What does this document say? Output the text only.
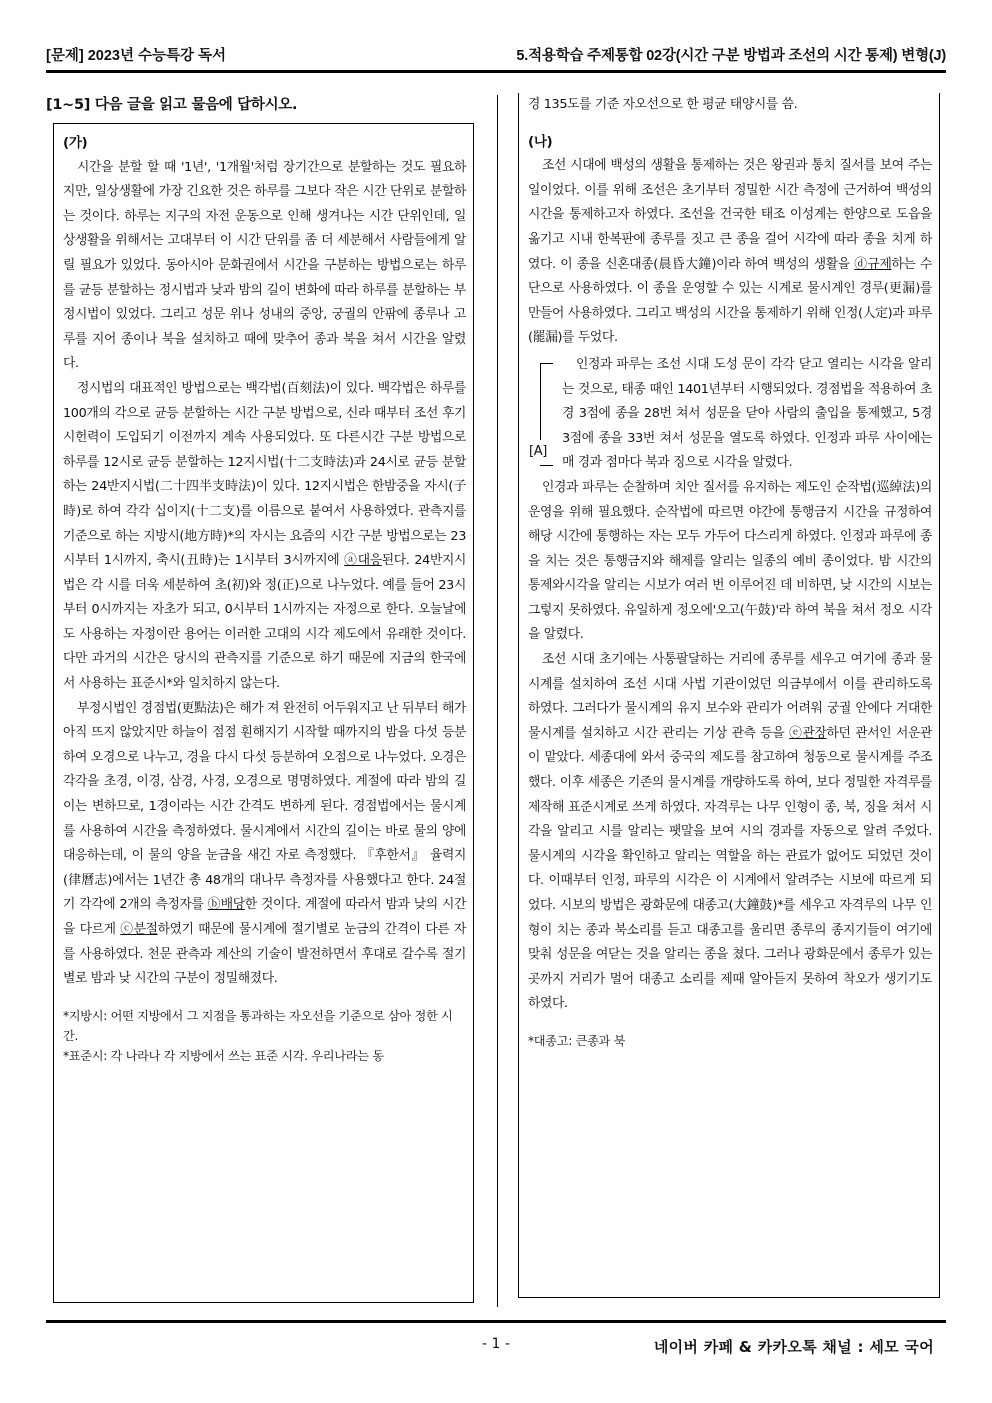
[문제] 2023년 수능특강 독서	5.적용학습 주제통합 02강(시간 구분 방법과 조선의 시간 통제) 변형(J)
[1~5] 다음 글을 읽고 물음에 답하시오.

(가)

시간을 분할 할 때 '1년', '1개월'처럼 장기간으로 분할하는 것도 필요하지만, 일상생활에 가장 긴요한 것은 하루를 그보다 작은 시간 단위로 분할하는 것이다. 하루는 지구의 자전 운동으로 인해 생겨나는 시간 단위인데, 일상생활을 위해서는 고대부터 이 시간 단위를 좀 더 세분해서 사람들에게 알릴 필요가 있었다. 동아시아 문화권에서 시간을 구분하는 방법으로는 하루를 균등 분할하는 정시법과 낮과 밤의 길이 변화에 따라 하루를 분할하는 부정시법이 있었다. 그리고 성문 위나 성내의 중앙, 궁궐의 안팎에 종루나 고루를 지어 종이나 북을 설치하고 때에 맞추어 종과 북을 쳐서 시간을 알렸다.

정시법의 대표적인 방법으로는 백각법(百刻法)이 있다. 백각법은 하루를 100개의 각으로 균등 분할하는 시간 구분 방법으로, 신라 때부터 조선 후기 시헌력이 도입되기 이전까지 계속 사용되었다. 또 다른시간 구분 방법으로 하루를 12시로 균등 분할하는 12지시법(十二支時法)과 24시로 균등 분할하는 24반지시법(二十四半支時法)이 있다. 12지시법은 한밤중을 자시(子時)로 하여 각각 십이지(十二支)를 이름으로 붙여서 사용하였다. 관측지를 기준으로 하는 지방시(地方時)*의 자시는 요즘의 시간 구분 방법으로는 23시부터 1시까지, 축시(丑時)는 1시부터 3시까지에 ⓐ대응된다. 24반지시법은 각 시를 더욱 세분하여 초(初)와 정(正)으로 나누었다. 예를 들어 23시부터 0시까지는 자초가 되고, 0시부터 1시까지는 자정으로 한다. 오늘날에도 사용하는 자정이란 용어는 이러한 고대의 시각 제도에서 유래한 것이다. 다만 과거의 시간은 당시의 관측지를 기준으로 하기 때문에 지금의 한국에서 사용하는 표준시*와 일치하지 않는다.

부정시법인 경점법(更點法)은 해가 져 완전히 어두워지고 난 뒤부터 해가 아직 뜨지 않았지만 하늘이 점점 훤해지기 시작할 때까지의 밤을 다섯 등분하여 오경으로 나누고, 경을 다시 다섯 등분하여 오점으로 나누었다. 오경은 각각을 초경, 이경, 삼경, 사경, 오경으로 명명하였다. 계절에 따라 밤의 길이는 변하므로, 1경이라는 시간 간격도 변하게 된다. 경점법에서는 물시계를 사용하여 시간을 측정하였다. 물시계에서 시간의 길이는 바로 물의 양에 대응하는데, 이 물의 양을 눈금을 새긴 자로 측정했다. 『후한서』 율력지(律曆志)에서는 1년간 총 48개의 대나무 측정자를 사용했다고 한다. 24절기 각각에 2개의 측정자를 ⓑ배당한 것이다. 계절에 따라서 밤과 낮의 시간을 다르게 ⓒ분절하였기 때문에 물시계에 절기별로 눈금의 간격이 다른 자를 사용하였다. 천문 관측과 계산의 기술이 발전하면서 후대로 갈수록 절기별로 밤과 낮 시간의 구분이 정밀해졌다.

*지방시: 어떤 지방에서 그 지점을 통과하는 자오선을 기준으로 삼아 정한 시간.
*표준시: 각 나라나 각 지방에서 쓰는 표준 시각. 우리나라는 동

경 135도를 기준 자오선으로 한 평균 태양시를 씀.

(나)

조선 시대에 백성의 생활을 통제하는 것은 왕권과 통치 질서를 보여 주는 일이었다. 이를 위해 조선은 초기부터 정밀한 시간 측정에 근거하여 백성의 시간을 통제하고자 하였다. 조선을 건국한 태조 이성계는 한양으로 도읍을 옮기고 시내 한복판에 종루를 짓고 큰 종을 걸어 시각에 따라 종을 치게 하였다. 이 종을 신혼대종(晨昏大鐘)이라 하여 백성의 생활을 ⓓ규제하는 수단으로 사용하였다. 이 종을 운영할 수 있는 시계로 물시계인 경루(更漏)를 만들어 사용하였다. 그리고 백성의 시간을 통제하기 위해 인정(人定)과 파루(罷漏)를 두었다.

[A]

인정과 파루는 조선 시대 도성 문이 각각 닫고 열리는 시각을 알리는 것으로, 태종 때인 1401년부터 시행되었다. 경점법을 적용하여 초경 3점에 종을 28번 쳐서 성문을 닫아 사람의 출입을 통제했고, 5경 3점에 종을 33번 쳐서 성문을 열도록 하였다. 인정과 파루 사이에는 매 경과 점마다 북과 징으로 시각을 알렸다.

인경과 파루는 순찰하며 치안 질서를 유지하는 제도인 순작법(巡綽法)의 운영을 위해 필요했다. 순작법에 따르면 야간에 통행금지 시간을 규정하여 해당 시간에 통행하는 자는 모두 가두어 다스리게 하였다. 인정과 파루에 종을 치는 것은 통행금지와 해제를 알리는 일종의 예비 종이었다. 밤 시간의 통제와시각을 알리는 시보가 여러 번 이루어진 데 비하면, 낮 시간의 시보는 그렇지 못하였다. 유일하게 정오에'오고(午鼓)'라 하여 북을 쳐서 정오 시각을 알렸다.

조선 시대 초기에는 사통팔달하는 거리에 종루를 세우고 여기에 종과 물시계를 설치하여 조선 시대 사법 기관이었던 의금부에서 이를 관리하도록 하였다. 그러다가 물시계의 유지 보수와 관리가 어려워 궁궐 안에다 거대한 물시계를 설치하고 시간 관리는 기상 관측 등을 ⓔ관장하던 관서인 서운관이 맡았다. 세종대에 와서 중국의 제도를 참고하여 청동으로 물시계를 주조했다. 이후 세종은 기존의 물시계를 개량하도록 하여, 보다 정밀한 자격루를 제작해 표준시계로 쓰게 하였다. 자격루는 나무 인형이 종, 북, 징을 쳐서 시각을 알리고 시를 알리는 팻말을 보여 시의 경과를 자동으로 알려 주었다. 물시계의 시각을 확인하고 알리는 역할을 하는 관료가 없어도 되었던 것이다. 이때부터 인정, 파루의 시각은 이 시계에서 알려주는 시보에 따르게 되었다. 시보의 방법은 광화문에 대종고(大鐘鼓)*를 세우고 자격루의 나무 인형이 치는 종과 북소리를 듣고 대종고를 울리면 종루의 종지기들이 여기에 맞춰 성문을 여닫는 것을 알리는 종을 쳤다. 그러나 광화문에서 종루가 있는 곳까지 거리가 멀어 대종고 소리를 제때 알아듣지 못하여 착오가 생기기도 하였다.

*대종고: 큰종과 북
- 1 -	네이버 카페 & 카카오톡 채널 : 세모 국어
